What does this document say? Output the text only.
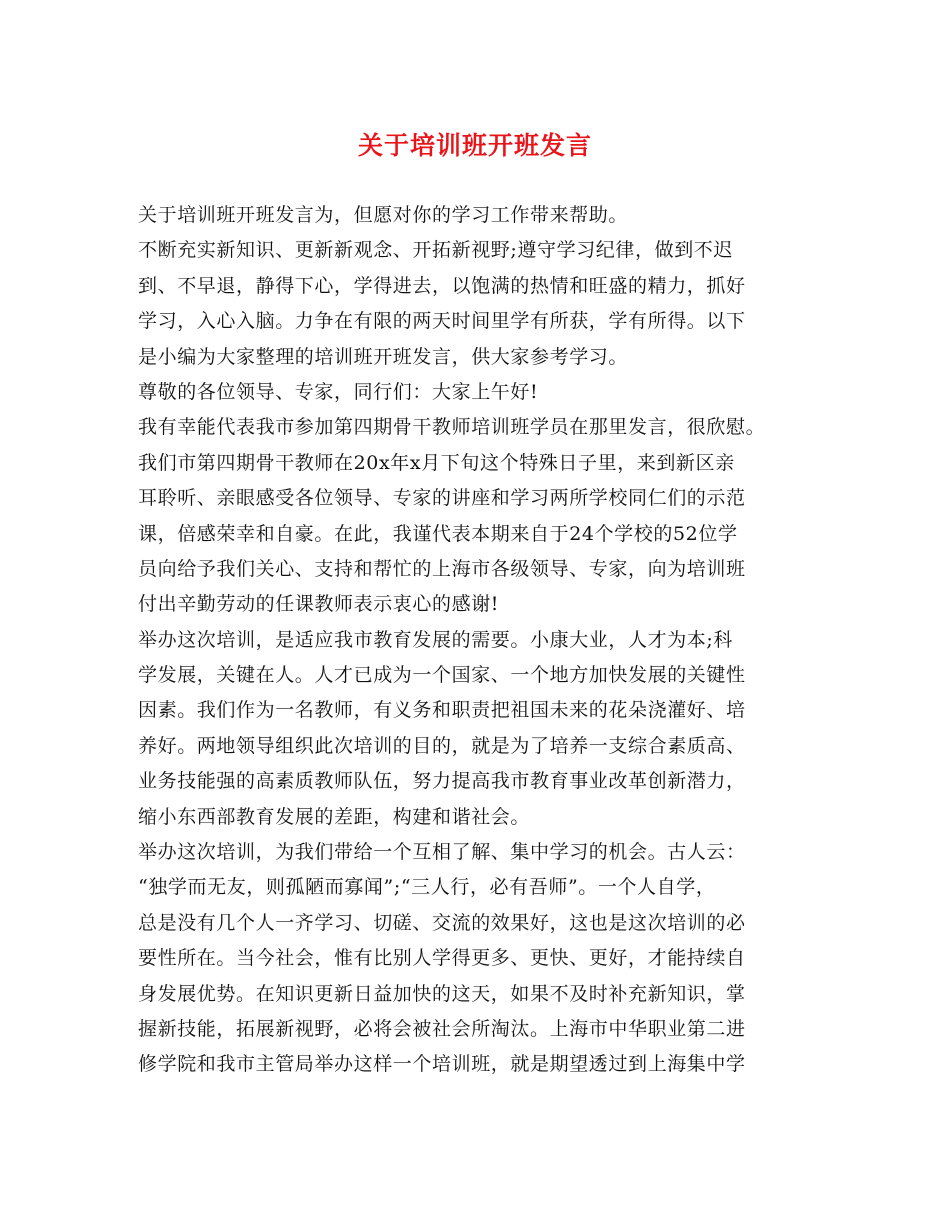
关于培训班开班发言
关于培训班开班发言为，但愿对你的学习工作带来帮助。
不断充实新知识、更新新观念、开拓新视野;遵守学习纪律，做到不迟
到、不早退，静得下心，学得进去，以饱满的热情和旺盛的精力，抓好
学习，入心入脑。力争在有限的两天时间里学有所获，学有所得。以下
是小编为大家整理的培训班开班发言，供大家参考学习。
尊敬的各位领导、专家，同行们：大家上午好!
我有幸能代表我市参加第四期骨干教师培训班学员在那里发言，很欣慰。
我们市第四期骨干教师在20x年x月下旬这个特殊日子里，来到新区亲
耳聆听、亲眼感受各位领导、专家的讲座和学习两所学校同仁们的示范
课，倍感荣幸和自豪。在此，我谨代表本期来自于24个学校的52位学
员向给予我们关心、支持和帮忙的上海市各级领导、专家，向为培训班
付出辛勤劳动的任课教师表示衷心的感谢!
举办这次培训，是适应我市教育发展的需要。小康大业，人才为本;科
学发展，关键在人。人才已成为一个国家、一个地方加快发展的关键性
因素。我们作为一名教师，有义务和职责把祖国未来的花朵浇灌好、培
养好。两地领导组织此次培训的目的，就是为了培养一支综合素质高、
业务技能强的高素质教师队伍，努力提高我市教育事业改革创新潜力，
缩小东西部教育发展的差距，构建和谐社会。
举办这次培训，为我们带给一个互相了解、集中学习的机会。古人云：
“独学而无友，则孤陋而寡闻”;“三人行，必有吾师”。一个人自学，
总是没有几个人一齐学习、切磋、交流的效果好，这也是这次培训的必
要性所在。当今社会，惟有比别人学得更多、更快、更好，才能持续自
身发展优势。在知识更新日益加快的这天，如果不及时补充新知识，掌
握新技能，拓展新视野，必将会被社会所淘汰。上海市中华职业第二进
修学院和我市主管局举办这样一个培训班，就是期望透过到上海集中学
